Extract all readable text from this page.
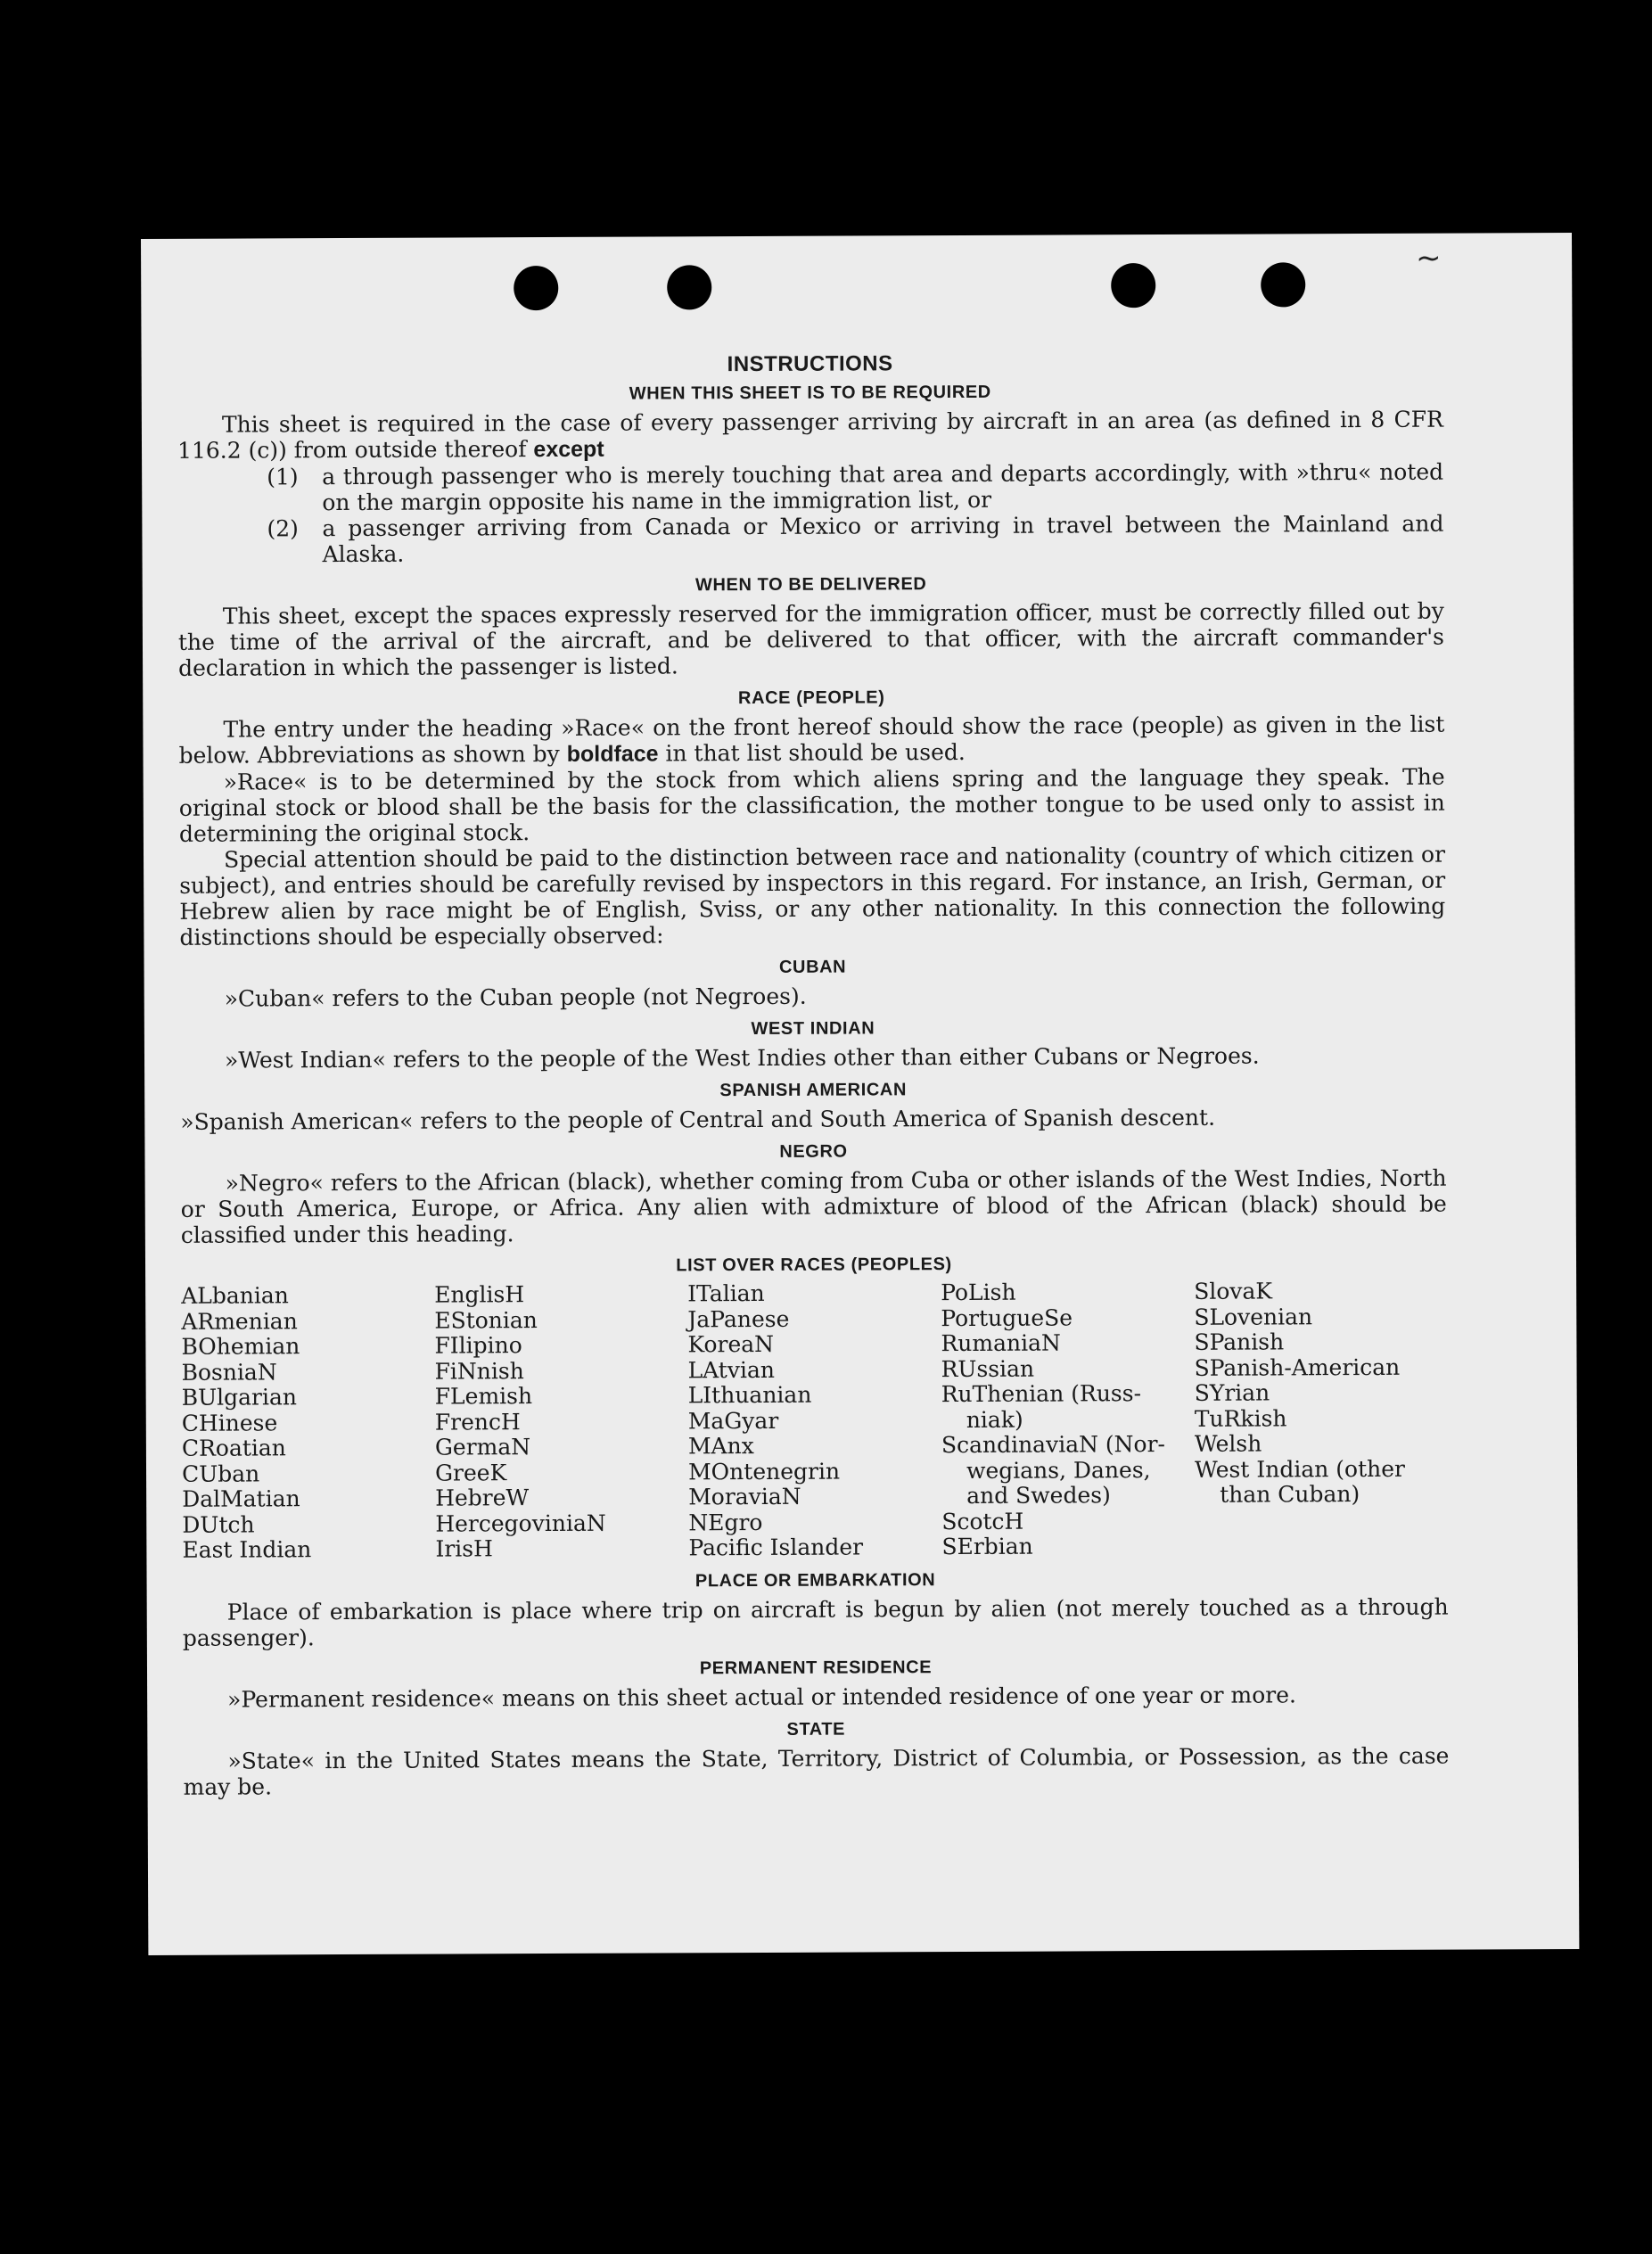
~
INSTRUCTIONS
WHEN THIS SHEET IS TO BE REQUIRED

This sheet is required in the case of every passenger arriving by aircraft in an area (as defined in 8 CFR 116.2 (c)) from outside thereof except

(1) a through passenger who is merely touching that area and departs accordingly, with »thru« noted on the margin opposite his name in the immigration list, or
(2) a passenger arriving from Canada or Mexico or arriving in travel between the Mainland and Alaska.
WHEN TO BE DELIVERED

This sheet, except the spaces expressly reserved for the immigration officer, must be correctly filled out by the time of the arrival of the aircraft, and be delivered to that officer, with the aircraft commander's declaration in which the passenger is listed.

RACE (PEOPLE)

The entry under the heading »Race« on the front hereof should show the race (people) as given in the list below. Abbreviations as shown by boldface in that list should be used.

»Race« is to be determined by the stock from which aliens spring and the language they speak. The original stock or blood shall be the basis for the classification, the mother tongue to be used only to assist in determining the original stock.

Special attention should be paid to the distinction between race and nationality (country of which citizen or subject), and entries should be carefully revised by inspectors in this regard. For instance, an Irish, German, or Hebrew alien by race might be of English, Sviss, or any other nationality. In this connection the following distinctions should be especially observed:

CUBAN

»Cuban« refers to the Cuban people (not Negroes).

WEST INDIAN

»West Indian« refers to the people of the West Indies other than either Cubans or Negroes.

SPANISH AMERICAN

»Spanish American« refers to the people of Central and South America of Spanish descent.

NEGRO

»Negro« refers to the African (black), whether coming from Cuba or other islands of the West Indies, North or South America, Europe, or Africa. Any alien with admixture of blood of the African (black) should be classified under this heading.

LIST OVER RACES (PEOPLES)
ALbanian
ARmenian
BOhemian
BosniaN
BUlgarian
CHinese
CRoatian
CUban
DalMatian
DUtch
East Indian
EnglisH
EStonian
FIlipino
FiNnish
FLemish
FrencH
GermaN
GreeK
HebreW
HercegoviniaN
IrisH
ITalian
JaPanese
KoreaN
LAtvian
LIthuanian
MaGyar
MAnx
MOntenegrin
MoraviaN
NEgro
Pacific Islander
PoLish
PortugueSe
RumaniaN
RUssian
RuThenian (Russ-
niak)
ScandinaviaN (Nor-
wegians, Danes,
and Swedes)
ScotcH
SErbian
SlovaK
SLovenian
SPanish
SPanish-American
SYrian
TuRkish
Welsh
West Indian (other
than Cuban)
PLACE OR EMBARKATION

Place of embarkation is place where trip on aircraft is begun by alien (not merely touched as a through passenger).

PERMANENT RESIDENCE

»Permanent residence« means on this sheet actual or intended residence of one year or more.

STATE

»State« in the United States means the State, Territory, District of Columbia, or Possession, as the case may be.
